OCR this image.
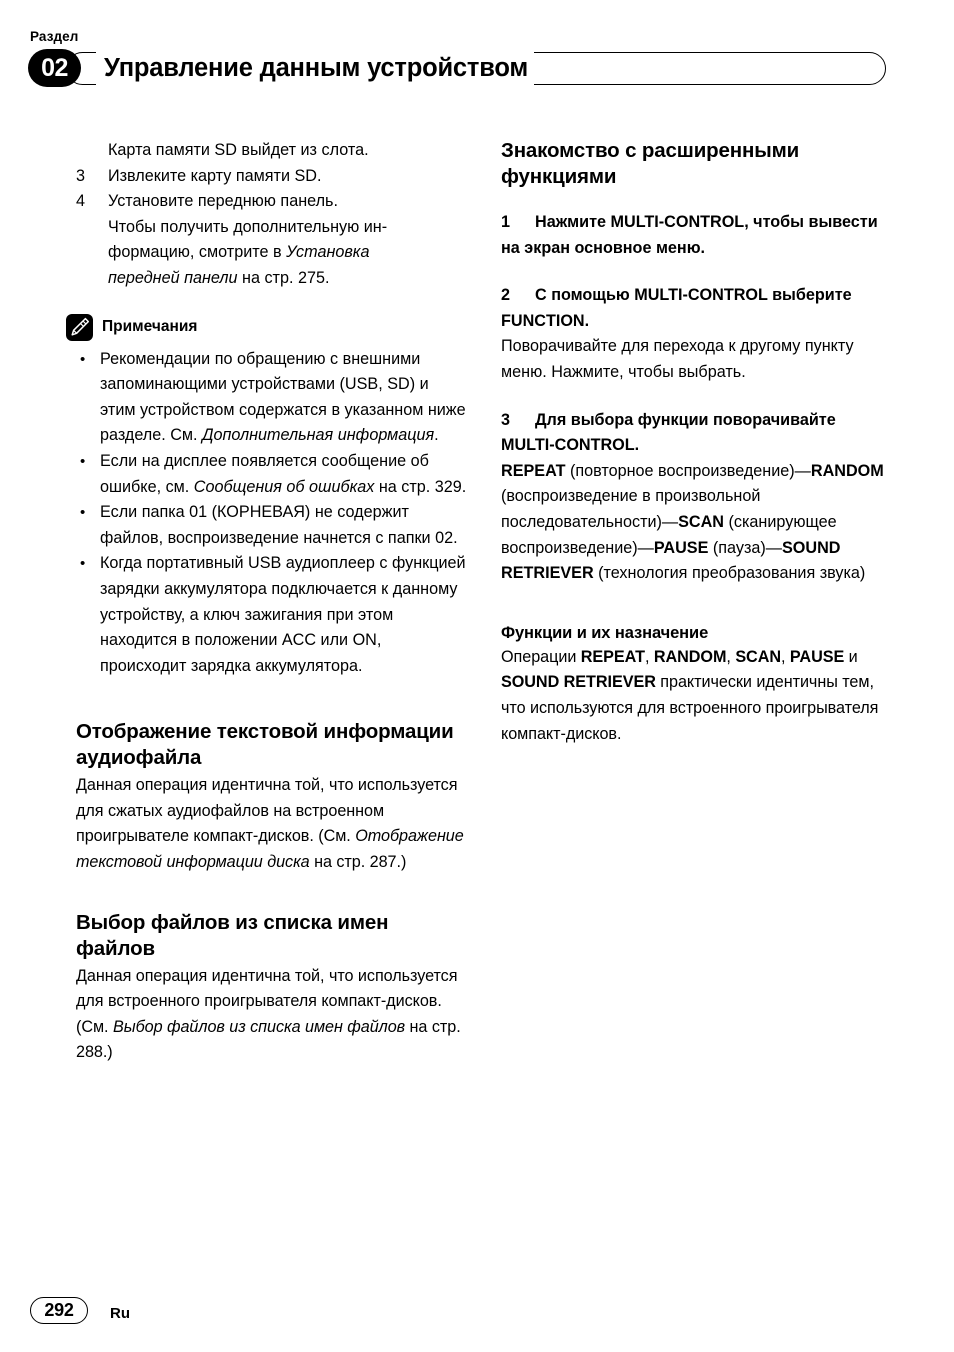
Раздел
02	Управление данным устройством
Карта памяти SD выйдет из слота.
3	Извлеките карту памяти SD.
4	Установите переднюю панель.
Чтобы получить дополнительную ин-
формацию, смотрите в Установка
передней панели на стр. 275.
Примечания
• Рекомендации по обращению с внешними запоминающими устройствами (USB, SD) и этим устройством содержатся в указанном ниже разделе. См. Дополнительная информация.
• Если на дисплее появляется сообщение об ошибке, см. Сообщения об ошибках на стр. 329.
• Если папка 01 (КОРНЕВАЯ) не содержит файлов, воспроизведение начнется с папки 02.
• Когда портативный USB аудиоплеер с функцией зарядки аккумулятора подключается к данному устройству, а ключ зажигания при этом находится в положении ACC или ON, происходит зарядка аккумулятора.
Отображение текстовой информации аудиофайла
Данная операция идентична той, что используется для сжатых аудиофайлов на встроенном проигрывателе компакт-дисков. (См. Отображение текстовой информации диска на стр. 287.)
Выбор файлов из списка имен файлов
Данная операция идентична той, что используется для встроенного проигрывателя компакт-дисков. (См. Выбор файлов из списка имен файлов на стр. 288.)
Знакомство с расширенными функциями
1 Нажмите MULTI-CONTROL, чтобы вывести на экран основное меню.
2 С помощью MULTI-CONTROL выберите FUNCTION.
Поворачивайте для перехода к другому пункту меню. Нажмите, чтобы выбрать.
3 Для выбора функции поворачивайте MULTI-CONTROL.
REPEAT (повторное воспроизведение)—RANDOM (воспроизведение в произвольной последовательности)—SCAN (сканирующее воспроизведение)—PAUSE (пауза)—SOUND RETRIEVER (технология преобразования звука)
Функции и их назначение
Операции REPEAT, RANDOM, SCAN, PAUSE и SOUND RETRIEVER практически идентичны тем, что используются для встроенного проигрывателя компакт-дисков.
292	Ru
